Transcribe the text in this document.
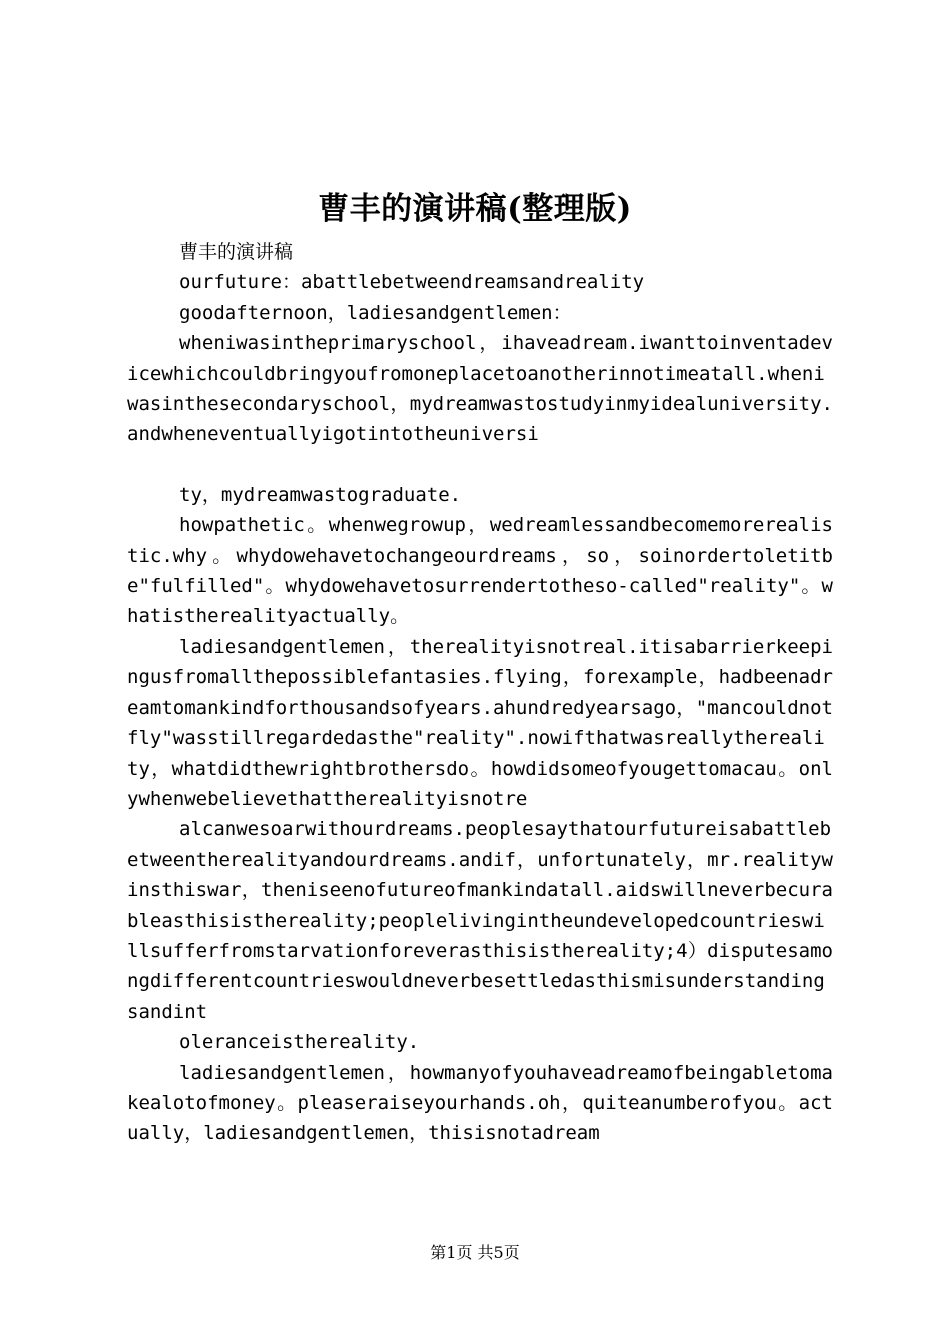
曹丰的演讲稿(整理版)

曹丰的演讲稿

ourfuture：abattlebetweendreamsandreality

goodafternoon，ladiesandgentlemen：

wheniwasintheprimaryschool，ihaveadream.iwanttoinventadevicewhichcouldbringyoufromoneplacetoanotherinnotimeatall.wheniwasinthesecondaryschool，mydreamwastostudyinmyidealuniversity.andwheneventuallyigotintotheuniversi

ty，mydreamwastograduate.

howpathetic。whenwegrowup，wedreamlessandbecomemorerealistic.why。whydowehavetochangeourdreams，so，soinordertoletitbe"fulfilled"。whydowehavetosurrendertotheso-called"reality"。whatistherealityactually。

ladiesandgentlemen，therealityisnotreal.itisabarrierkeepingusfromallthepossiblefantasies.flying，forexample，hadbeenadreamtomankindforthousandsofyears.ahundredyearsago，"mancouldnotfly"wasstillregardedasthe"reality".nowifthatwasreallythereality，whatdidthewrightbrothersdo。howdidsomeofyougettomacau。onlywhenwebelievethattherealityisnotre

alcanwesoarwithourdreams.peoplesaythatourfutureisabattlebetweentherealityandourdreams.andif，unfortunately，mr.realitywinsthiswar，theniseenofutureofmankindatall.aidswillneverbecurableasthisisthereality;peoplelivingintheundevelopedcountrieswillsufferfromstarvationforeverasthisisthereality;4）disputesamongdifferentcountrieswouldneverbesettledasthismisunderstandingsandint

oleranceisthereality.

ladiesandgentlemen，howmanyofyouhaveadreamofbeingabletomakealotofmoney。pleaseraiseyourhands.oh，quiteanumberofyou。actually，ladiesandgentlemen，thisisnotadream

第1页 共5页
